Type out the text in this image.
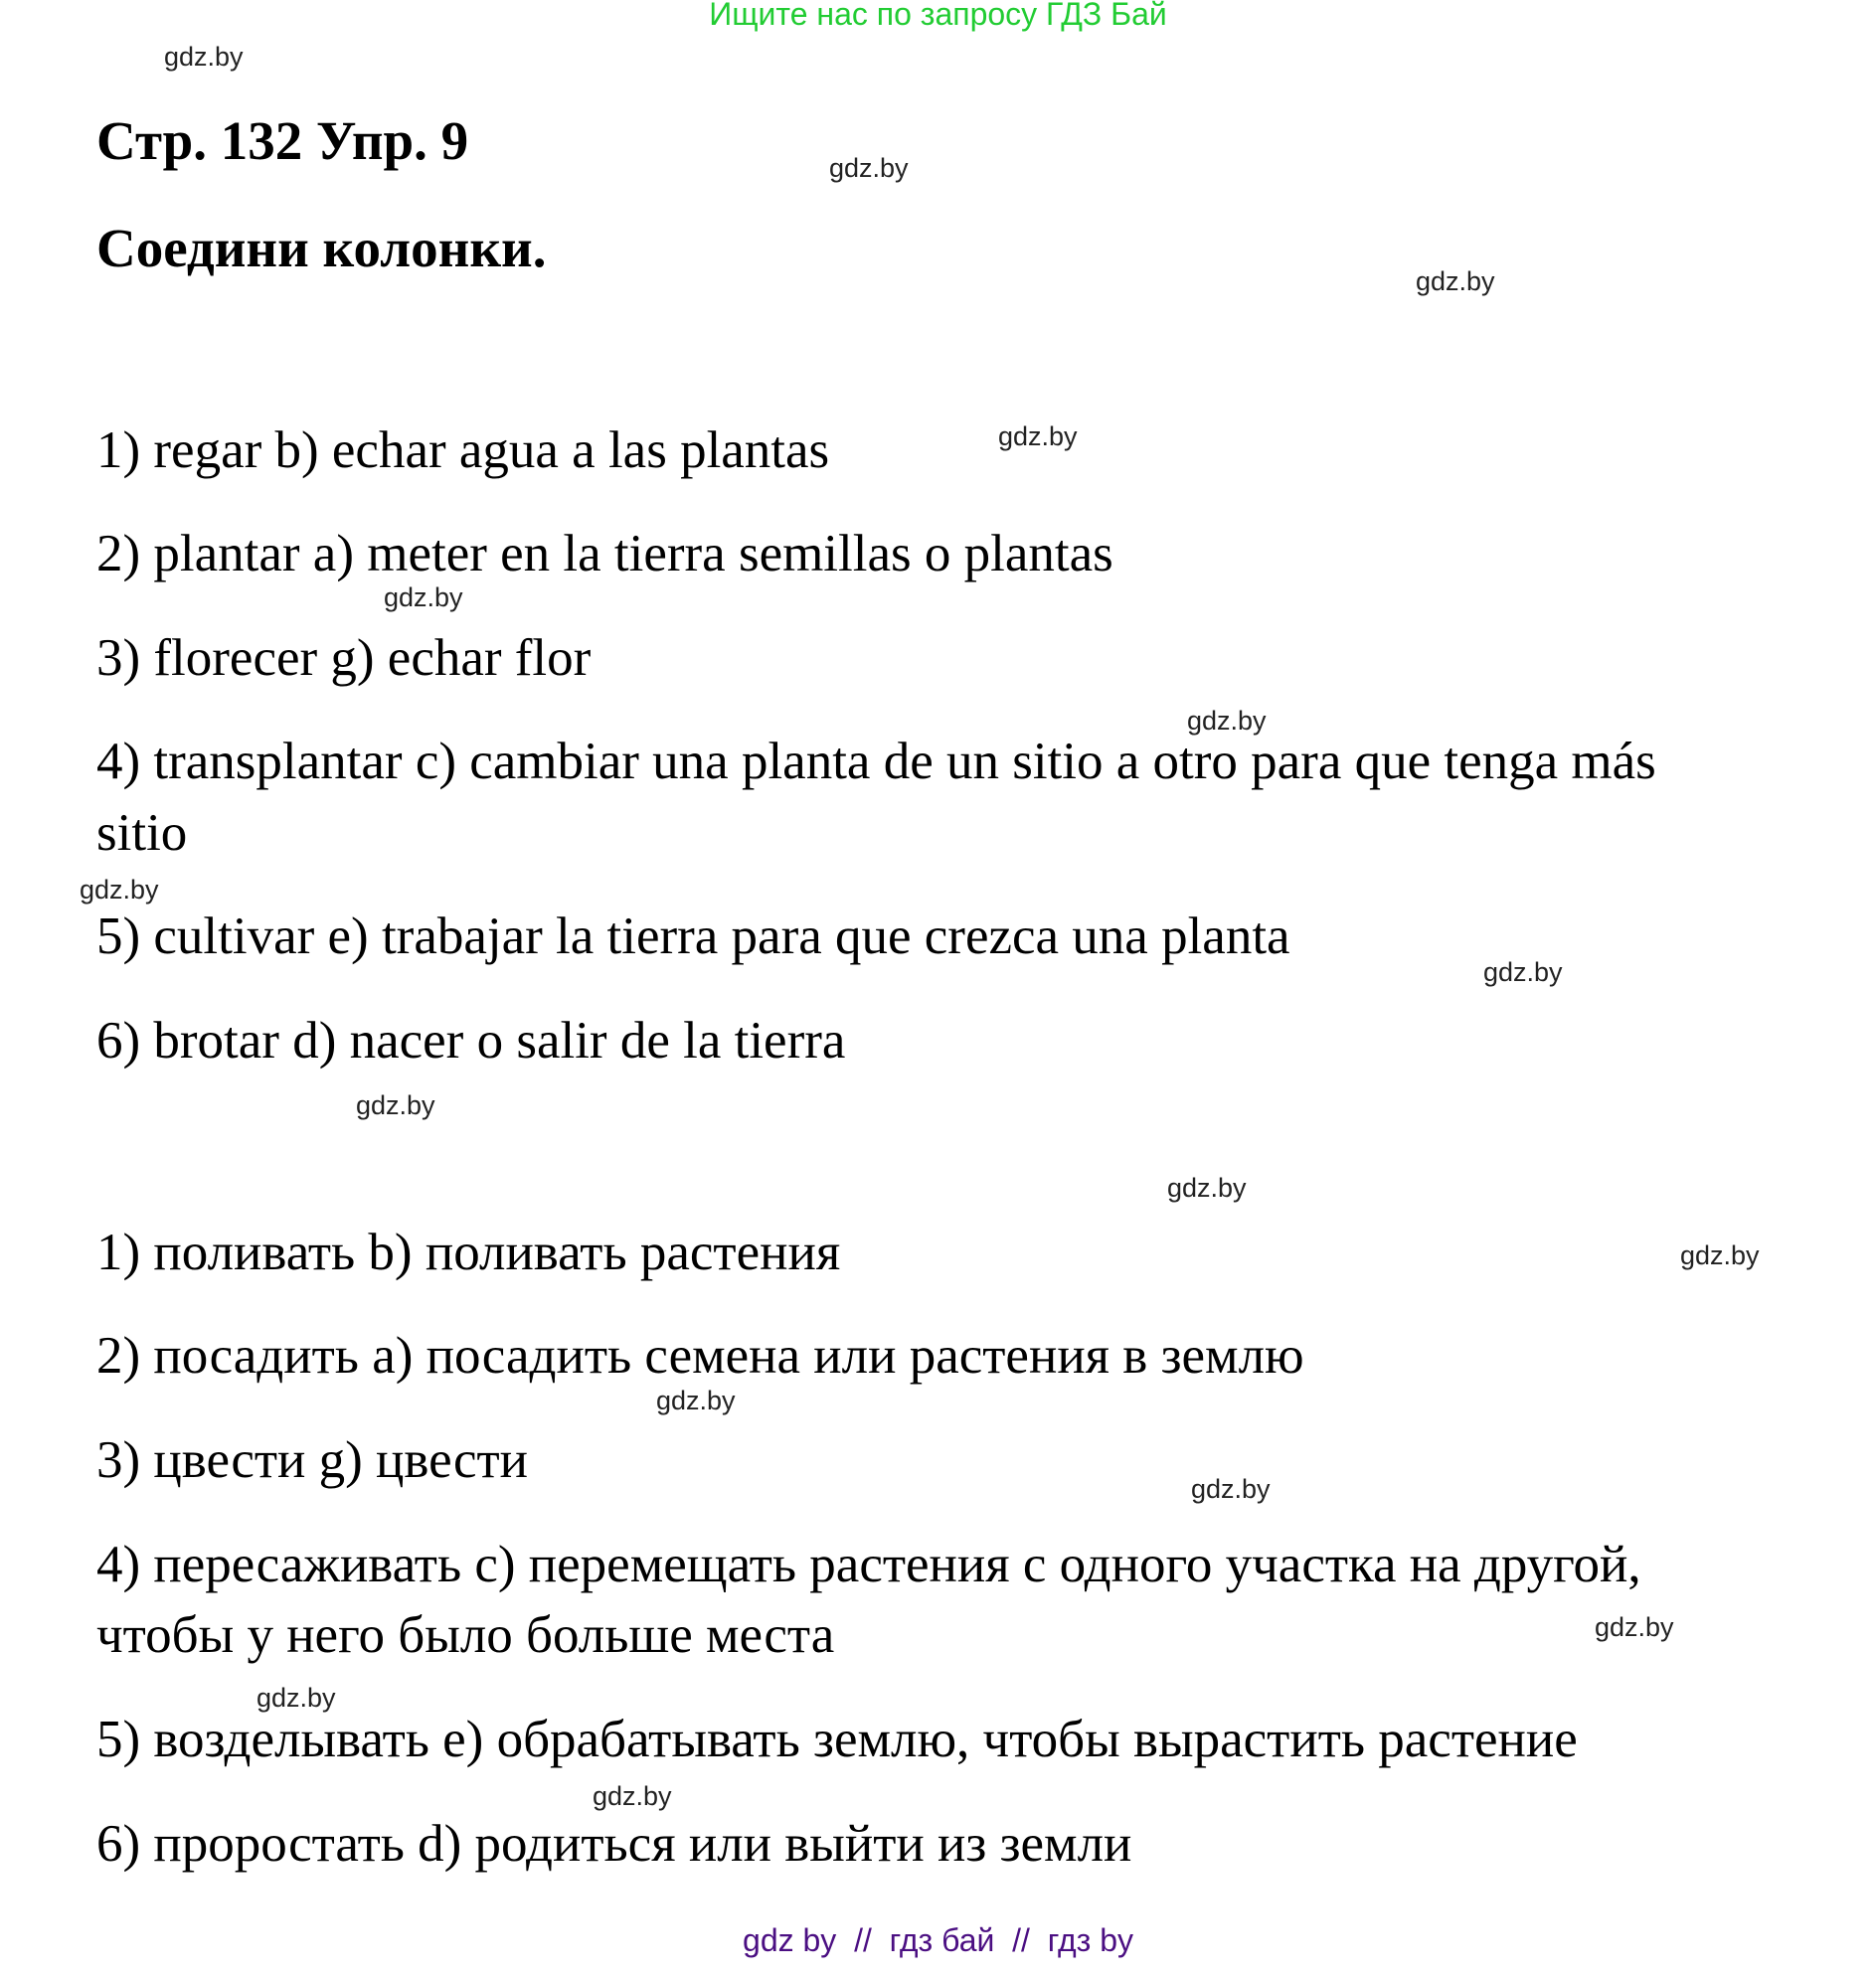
Ищите нас по запросу ГДЗ Бай
Стр. 132 Упр. 9
Соедини колонки.
1) regar b) echar agua a las plantas
2) plantar a) meter en la tierra semillas o plantas
3) florecer g) echar flor
4) transplantar c) cambiar una planta de un sitio a otro para que tenga más
sitio
5) cultivar e) trabajar la tierra para que crezca una planta
6) brotar d) nacer o salir de la tierra
1) поливать b) поливать растения
2) посадить a) посадить семена или растения в землю
3) цвести g) цвести
4) пересаживать c) перемещать растения с одного участка на другой,
чтобы у него было больше места
5) возделывать e) обрабатывать землю, чтобы вырастить растение
6) проростать d) родиться или выйти из земли
gdz.by
gdz.by
gdz.by
gdz.by
gdz.by
gdz.by
gdz.by
gdz.by
gdz.by
gdz.by
gdz.by
gdz.by
gdz.by
gdz.by
gdz.by
gdz.by
gdz by  //  гдз бай  //  гдз by
